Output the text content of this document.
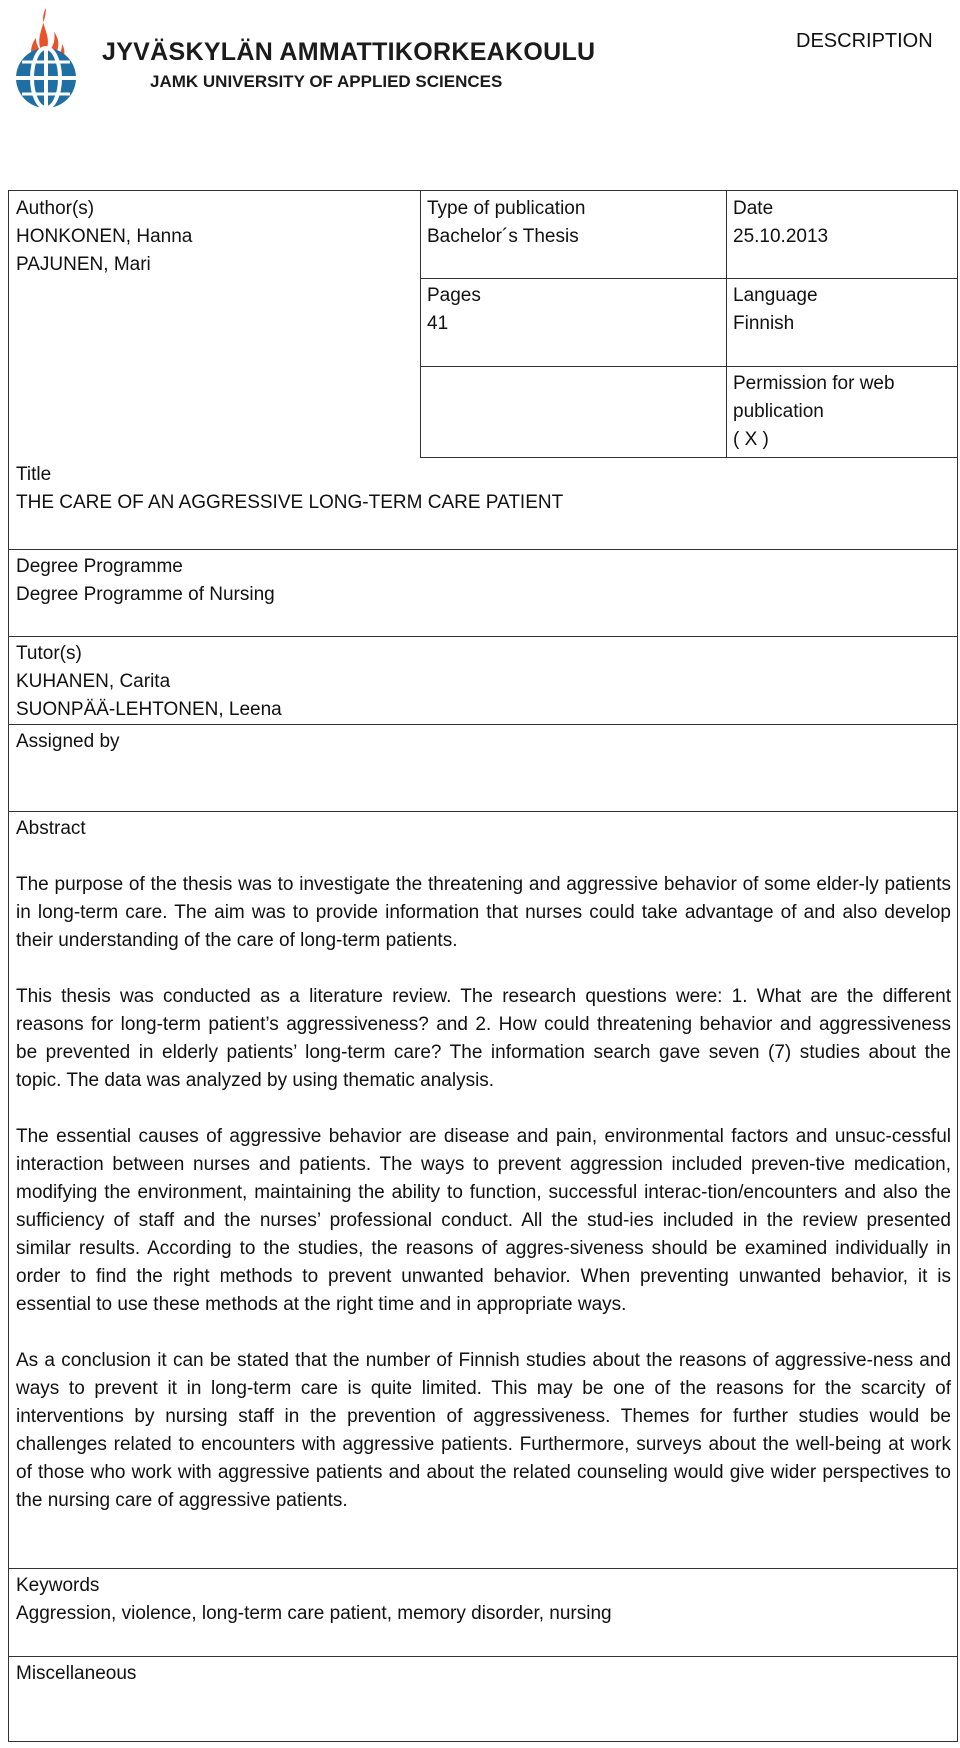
JYVÄSKYLÄN AMMATTIKORKEAKOULU
JAMK UNIVERSITY OF APPLIED SCIENCES
DESCRIPTION
Author(s)
HONKONEN, Hanna
PAJUNEN, Mari
Type of publication
Bachelor´s Thesis
Date
25.10.2013
Pages
41
Language
Finnish
Permission for web
publication
( X )
Title
THE CARE OF AN AGGRESSIVE LONG-TERM CARE PATIENT
Degree Programme
Degree Programme of Nursing
Tutor(s)
KUHANEN, Carita
SUONPÄÄ-LEHTONEN, Leena
Assigned by
Abstract

The purpose of the thesis was to investigate the threatening and aggressive behavior of some elder-ly patients in long-term care. The aim was to provide information that nurses could take advantage of and also develop their understanding of the care of long-term patients.

This thesis was conducted as a literature review. The research questions were: 1. What are the different reasons for long-term patient’s aggressiveness? and 2. How could threatening behavior and aggressiveness be prevented in elderly patients’ long-term care? The information search gave seven (7) studies about the topic. The data was analyzed by using thematic analysis.

The essential causes of aggressive behavior are disease and pain, environmental factors and unsuc-cessful interaction between nurses and patients. The ways to prevent aggression included preven-tive medication, modifying the environment, maintaining the ability to function, successful interac-tion/encounters and also the sufficiency of staff and the nurses’ professional conduct. All the stud-ies included in the review presented similar results. According to the studies, the reasons of aggres-siveness should be examined individually in order to find the right methods to prevent unwanted behavior. When preventing unwanted behavior, it is essential to use these methods at the right time and in appropriate ways.

As a conclusion it can be stated that the number of Finnish studies about the reasons of aggressive-ness and ways to prevent it in long-term care is quite limited. This may be one of the reasons for the scarcity of interventions by nursing staff in the prevention of aggressiveness. Themes for further studies would be challenges related to encounters with aggressive patients. Furthermore, surveys about the well-being at work of those who work with aggressive patients and about the related counseling would give wider perspectives to the nursing care of aggressive patients.

Keywords
Aggression, violence, long-term care patient, memory disorder, nursing
Miscellaneous
